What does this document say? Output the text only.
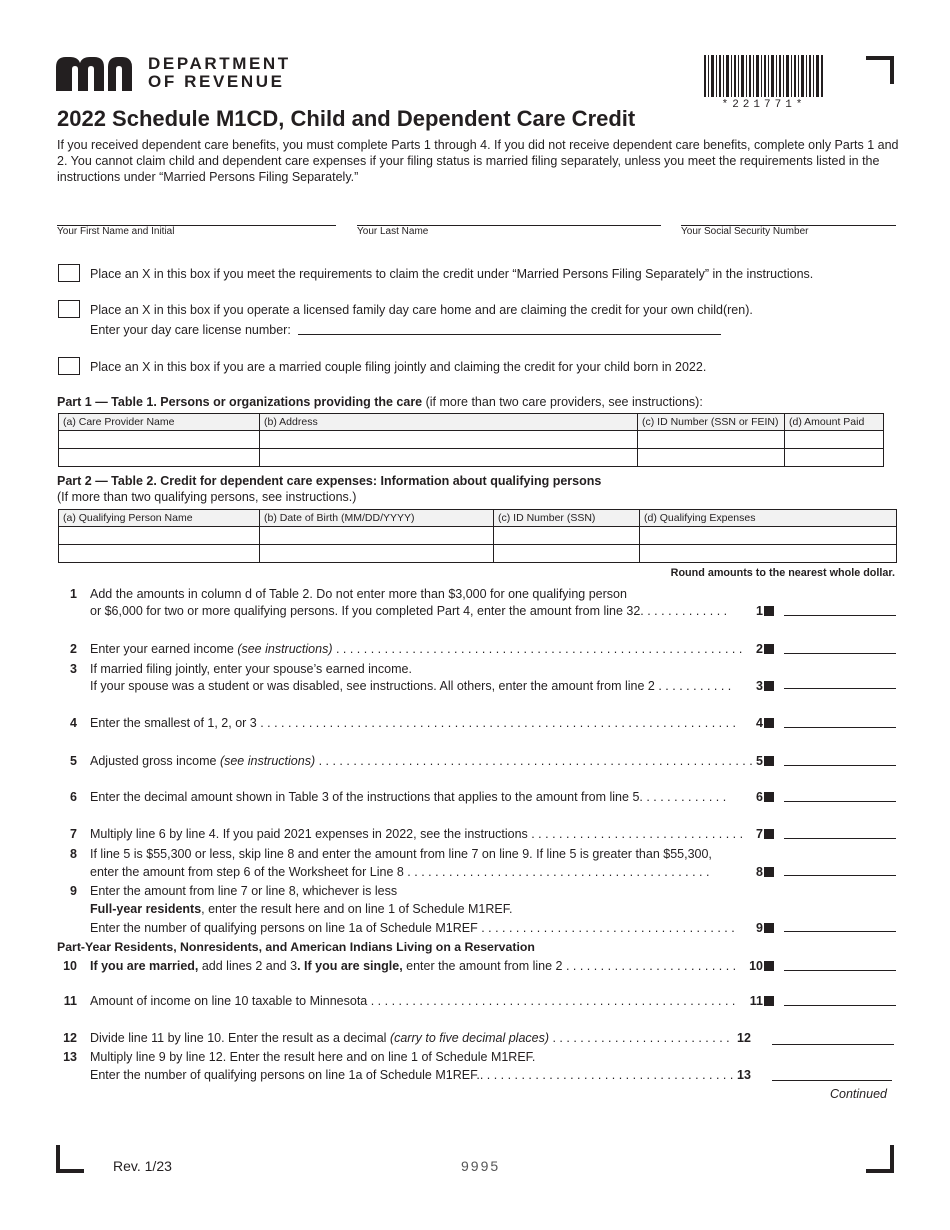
DEPARTMENT
OF REVENUE
*221771*
2022 Schedule M1CD, Child and Dependent Care Credit
If you received dependent care benefits, you must complete Parts 1 through 4. If you did not receive dependent care benefits, complete only Parts 1 and 2. You cannot claim child and dependent care expenses if your filing status is married filing separately, unless you meet the requirements listed in the instructions under “Married Persons Filing Separately.”
Your First Name and Initial	Your Last Name	Your Social Security Number
Place an X in this box if you meet the requirements to claim the credit under “Married Persons Filing Separately” in the instructions.
Place an X in this box if you operate a licensed family day care home and are claiming the credit for your own child(ren).
Enter your day care license number:
Place an X in this box if you are a married couple filing jointly and claiming the credit for your child born in 2022.
Part 1 — Table 1. Persons or organizations providing the care (if more than two care providers, see instructions):
(a) Care Provider Name	(b) Address	(c) ID Number (SSN or FEIN)	(d) Amount Paid

Part 2 — Table 2. Credit for dependent care expenses: Information about qualifying persons
(If more than two qualifying persons, see instructions.)
(a) Qualifying Person Name	(b) Date of Birth (MM/DD/YYYY)	(c) ID Number (SSN)	(d) Qualifying Expenses

Round amounts to the nearest whole dollar.
1 Add the amounts in column d of Table 2. Do not enter more than $3,000 for one qualifying person
or $6,000 for two or more qualifying persons. If you completed Part 4, enter the amount from line 32. . . . . . . . . . . . .	1
2 Enter your earned income (see instructions) . . . . . . . . . . . . . . . . . . . . . . . . . . . . . . . . . . . . . . . . . . . . . . . . . . . . . . . . . . .	2
3 If married filing jointly, enter your spouse’s earned income.
If your spouse was a student or was disabled, see instructions. All others, enter the amount from line 2 . . . . . . . . . . .	3
4 Enter the smallest of 1, 2, or 3 . . . . . . . . . . . . . . . . . . . . . . . . . . . . . . . . . . . . . . . . . . . . . . . . . . . . . . . . . . . . . . . . . . . . .	4
5 Adjusted gross income (see instructions) . . . . . . . . . . . . . . . . . . . . . . . . . . . . . . . . . . . . . . . . . . . . . . . . . . . . . . . . . . . . . . . 5
6 Enter the decimal amount shown in Table 3 of the instructions that applies to the amount from line 5. . . . . . . . . . . . .	6
7 Multiply line 6 by line 4. If you paid 2021 expenses in 2022, see the instructions . . . . . . . . . . . . . . . . . . . . . . . . . . . . . . .	7
8 If line 5 is $55,300 or less, skip line 8 and enter the amount from line 7 on line 9. If line 5 is greater than $55,300,
enter the amount from step 6 of the Worksheet for Line 8 . . . . . . . . . . . . . . . . . . . . . . . . . . . . . . . . . . . . . . . . . . . .	8
9 Enter the amount from line 7 or line 8, whichever is less
Full-year residents, enter the result here and on line 1 of Schedule M1REF.
Enter the number of qualifying persons on line 1a of Schedule M1REF . . . . . . . . . . . . . . . . . . . . . . . . . . . . . . . . . . . . .	9
Part-Year Residents, Nonresidents, and American Indians Living on a Reservation
10 If you are married, add lines 2 and 3. If you are single, enter the amount from line 2 . . . . . . . . . . . . . . . . . . . . . . . . .	10
11 Amount of income on line 10 taxable to Minnesota . . . . . . . . . . . . . . . . . . . . . . . . . . . . . . . . . . . . . . . . . . . . . . . . . . . . .	11
12 Divide line 11 by line 10. Enter the result as a decimal (carry to five decimal places) . . . . . . . . . . . . . . . . . . . . . . . . . . 12
13 Multiply line 9 by line 12. Enter the result here and on line 1 of Schedule M1REF.
Enter the number of qualifying persons on line 1a of Schedule M1REF.. . . . . . . . . . . . . . . . . . . . . . . . . . . . . . . . . . . . . 13
Continued
Rev. 1/23	9995
